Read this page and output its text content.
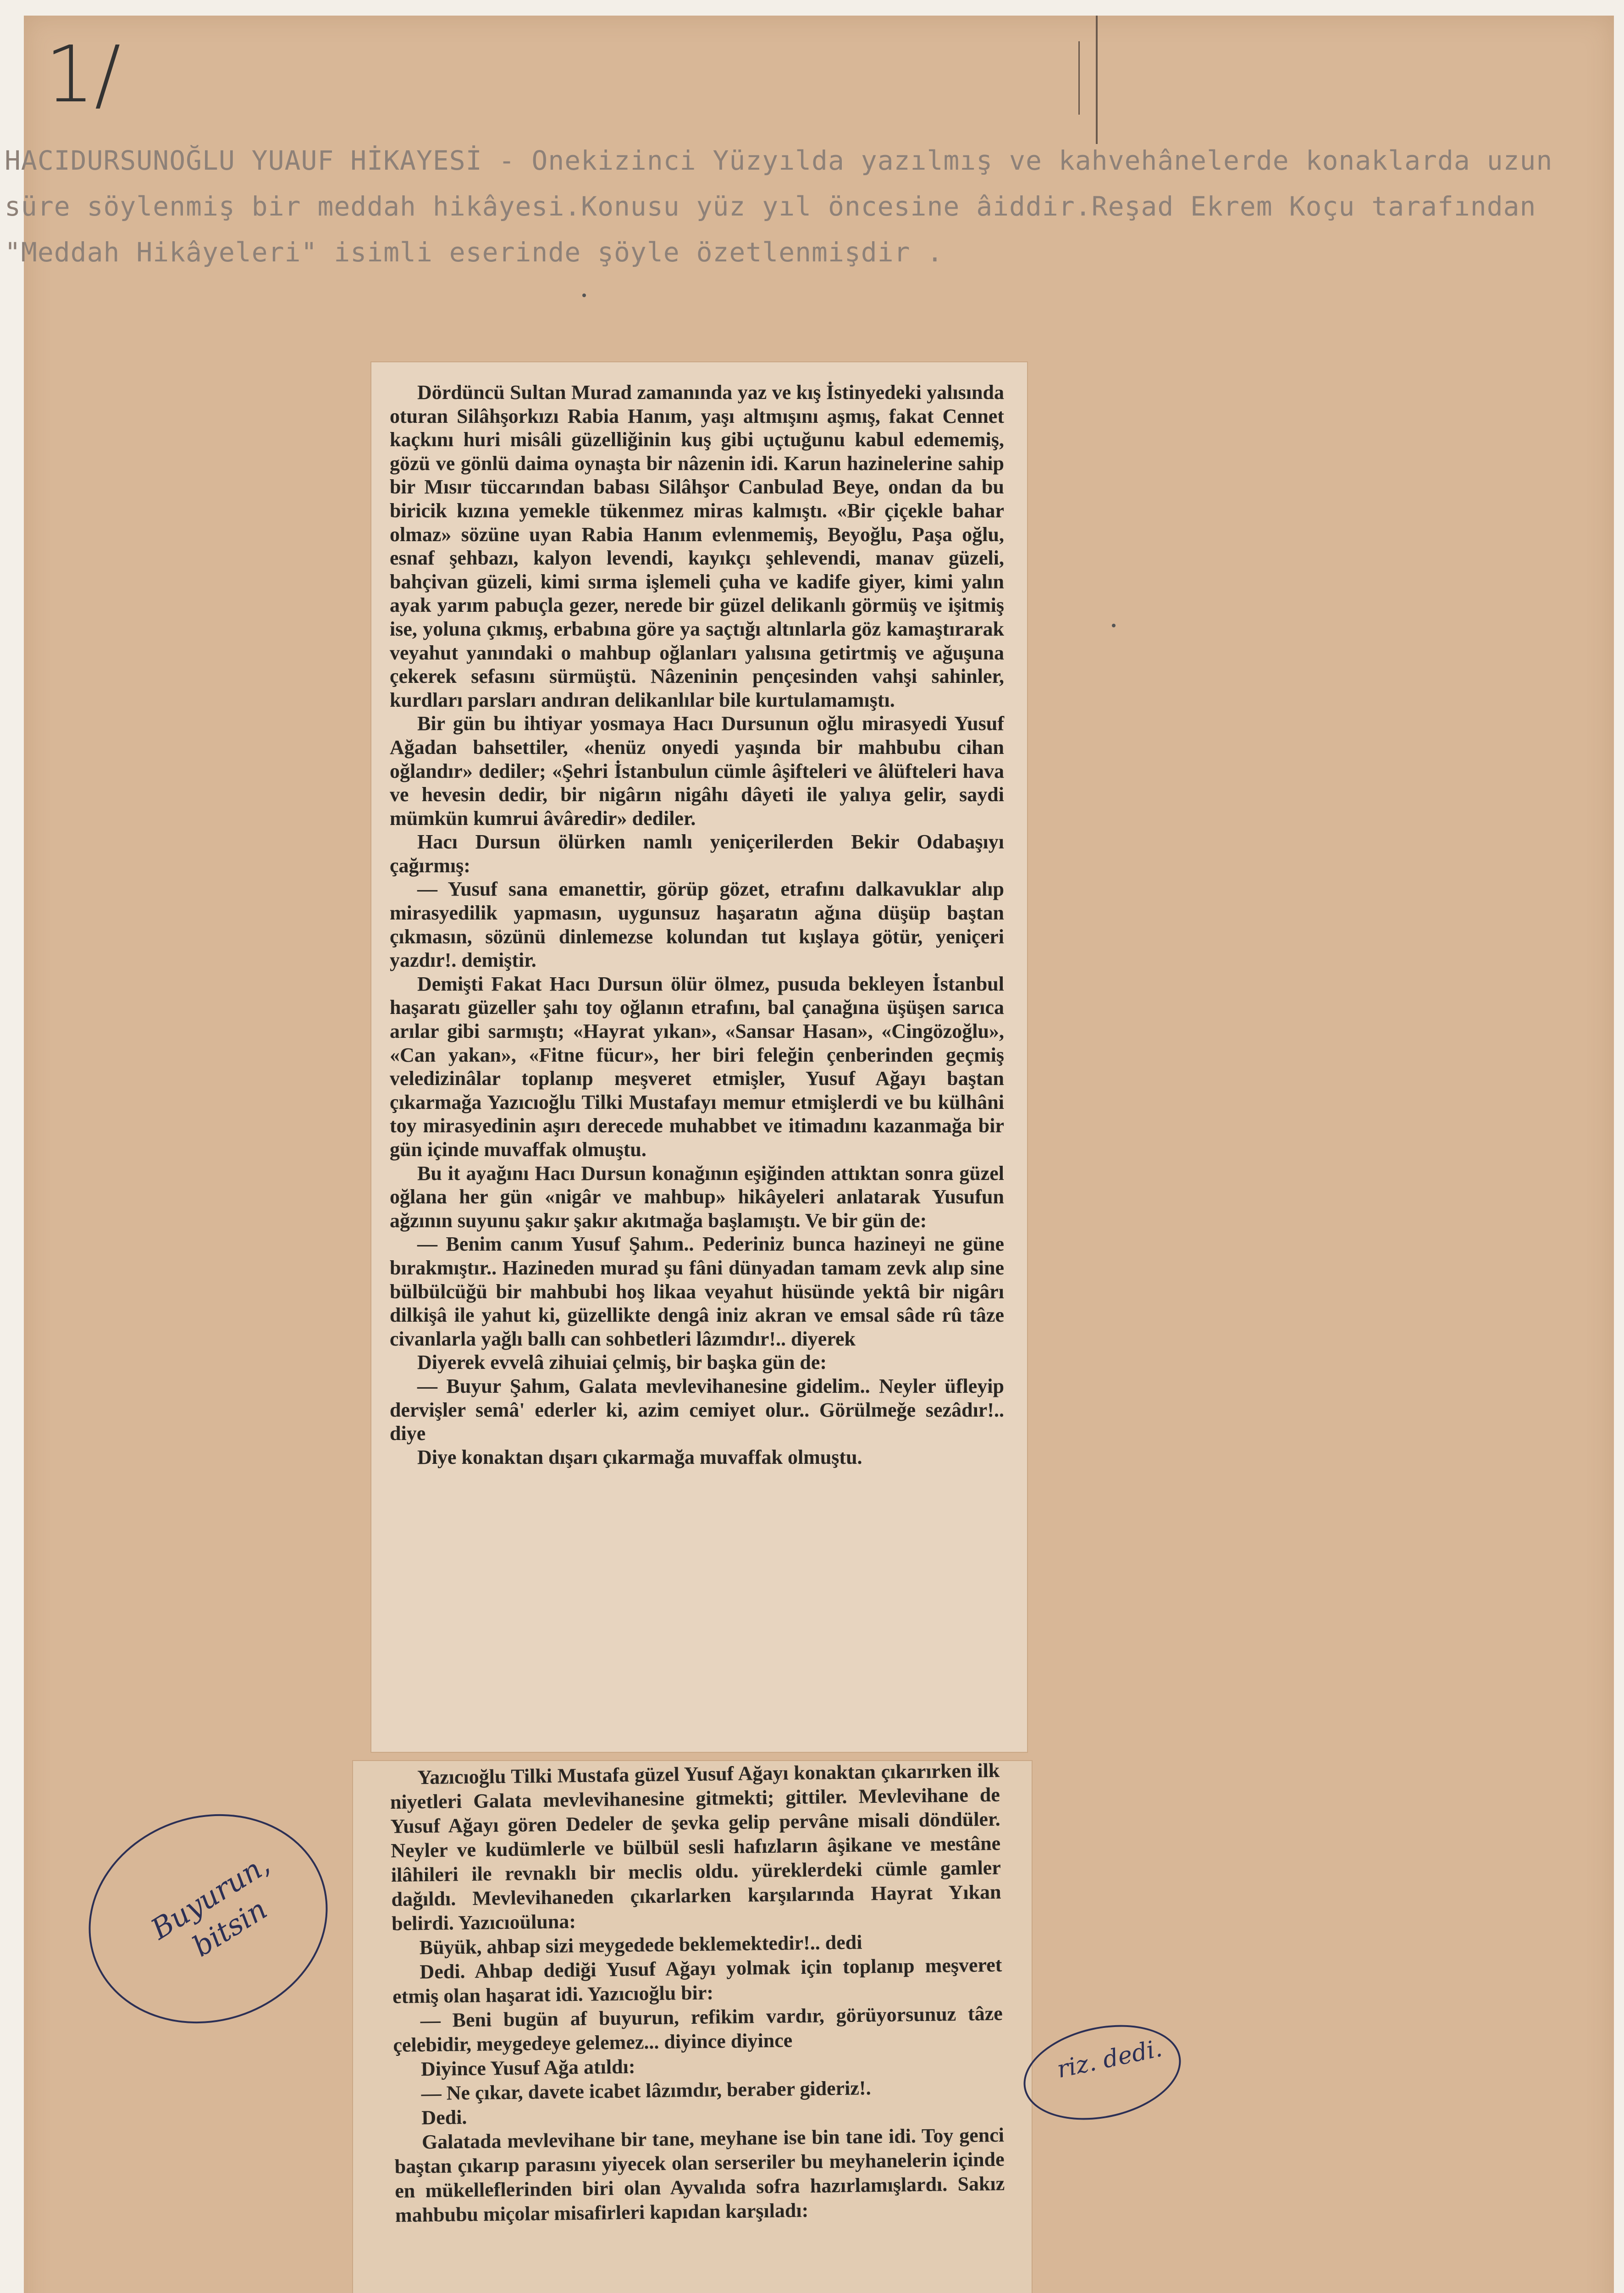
1/
HACIDURSUNOĞLU YUAUF HİKAYESİ - Onekizinci Yüzyılda yazılmış ve kahvehânelerde konaklarda uzun süre söylenmiş bir meddah hikâyesi.Konusu yüz yıl öncesine âiddir.Reşad Ekrem Koçu tarafından "Meddah Hikâyeleri" isimli eserinde şöyle özetlenmişdir .

Dördüncü Sultan Murad zamanında yaz ve kış İstinyedeki yalısında oturan Silâhşorkızı Rabia Hanım, yaşı altmışını aşmış, fakat Cennet kaçkını huri misâli güzelliğinin kuş gibi uçtuğunu kabul edememiş, gözü ve gönlü daima oynaşta bir nâzenin idi. Karun hazinelerine sahip bir Mısır tüccarından babası Silâhşor Canbulad Beye, ondan da bu biricik kızına yemekle tükenmez miras kalmıştı. «Bir çiçekle bahar olmaz» sözüne uyan Rabia Hanım evlenmemiş, Beyoğlu, Paşa oğlu, esnaf şehbazı, kalyon levendi, kayıkçı şehlevendi, manav güzeli, bahçivan güzeli, kimi sırma işlemeli çuha ve kadife giyer, kimi yalın ayak yarım pabuçla gezer, nerede bir güzel delikanlı görmüş ve işitmiş ise, yoluna çıkmış, erbabına göre ya saçtığı altınlarla göz kamaştırarak veyahut yanındaki o mahbup oğlanları yalısına getirtmiş ve ağuşuna çekerek sefasını sürmüştü. Nâzeninin pençesinden vahşi sahinler, kurdları parsları andıran delikanlılar bile kurtulamamıştı.

Bir gün bu ihtiyar yosmaya Hacı Dursunun oğlu mirasyedi Yusuf Ağadan bahsettiler, «henüz onyedi yaşında bir mahbubu cihan oğlandır» dediler; «Şehri İstanbulun cümle âşifteleri ve âlüfteleri hava ve hevesin dedir, bir nigârın nigâhı dâyeti ile yalıya gelir, saydi mümkün kumrui âvâredir» dediler.

Hacı Dursun ölürken namlı yeniçerilerden Bekir Odabaşıyı çağırmış:

— Yusuf sana emanettir, görüp gözet, etrafını dalkavuklar alıp mirasyedilik yapmasın, uygunsuz haşaratın ağına düşüp baştan çıkmasın, sözünü dinlemezse kolundan tut kışlaya götür, yeniçeri yazdır!. demiştir.

Demişti Fakat Hacı Dursun ölür ölmez, pusuda bekleyen İstanbul haşaratı güzeller şahı toy oğlanın etrafını, bal çanağına üşüşen sarıca arılar gibi sarmıştı; «Hayrat yıkan», «Sansar Hasan», «Cingözoğlu», «Can yakan», «Fitne fücur», her biri feleğin çenberinden geçmiş veledizinâlar toplanıp meşveret etmişler, Yusuf Ağayı baştan çıkarmağa Yazıcıoğlu Tilki Mustafayı memur etmişlerdi ve bu külhâni toy mirasyedinin aşırı derecede muhabbet ve itimadını kazanmağa bir gün içinde muvaffak olmuştu.

Bu it ayağını Hacı Dursun konağının eşiğinden attıktan sonra güzel oğlana her gün «nigâr ve mahbup» hikâyeleri anlatarak Yusufun ağzının suyunu şakır şakır akıtmağa başlamıştı. Ve bir gün de:

— Benim canım Yusuf Şahım.. Pederiniz bunca hazineyi ne güne bırakmıştır.. Hazineden murad şu fâni dünyadan tamam zevk alıp sine bülbülcüğü bir mahbubi hoş likaa veyahut hüsünde yektâ bir nigârı dilkişâ ile yahut ki, güzellikte dengâ iniz akran ve emsal sâde rû tâze civanlarla yağlı ballı can sohbetleri lâzımdır!.. diyerek

Diyerek evvelâ zihuiai çelmiş, bir başka gün de:

— Buyur Şahım, Galata mevlevihanesine gidelim.. Neyler üfleyip dervişler semâ' ederler ki, azim cemiyet olur.. Görülmeğe sezâdır!.. diye

Diye konaktan dışarı çıkarmağa muvaffak olmuştu.

Yazıcıoğlu Tilki Mustafa güzel Yusuf Ağayı konaktan çıkarırken ilk niyetleri Galata mevlevihanesine gitmekti; gittiler. Mevlevihane de Yusuf Ağayı gören Dedeler de şevka gelip pervâne misali döndüler. Neyler ve kudümlerle ve bülbül sesli hafızların âşikane ve mestâne ilâhileri ile revnaklı bir meclis oldu. yüreklerdeki cümle gamler dağıldı. Mevlevihaneden çıkarlarken karşılarında Hayrat Yıkan belirdi. Yazıcıoüluna:

Büyük, ahbap sizi meygedede beklemektedir!.. dedi

Dedi. Ahbap dediği Yusuf Ağayı yolmak için toplanıp meşveret etmiş olan haşarat idi. Yazıcıoğlu bir:

— Beni bugün af buyurun, refikim vardır, görüyorsunuz tâze çelebidir, meygedeye gelemez... diyince diyince

Diyince Yusuf Ağa atıldı:

— Ne çıkar, davete icabet lâzımdır, beraber gideriz!.

Dedi.

Galatada mevlevihane bir tane, meyhane ise bin tane idi. Toy genci baştan çıkarıp parasını yiyecek olan serseriler bu meyhanelerin içinde en mükelleflerinden biri olan Ayvalıda sofra hazırlamışlardı. Sakız mahbubu miçolar misafirleri kapıdan karşıladı:

Buyurun, bitsin
riz. dedi.
